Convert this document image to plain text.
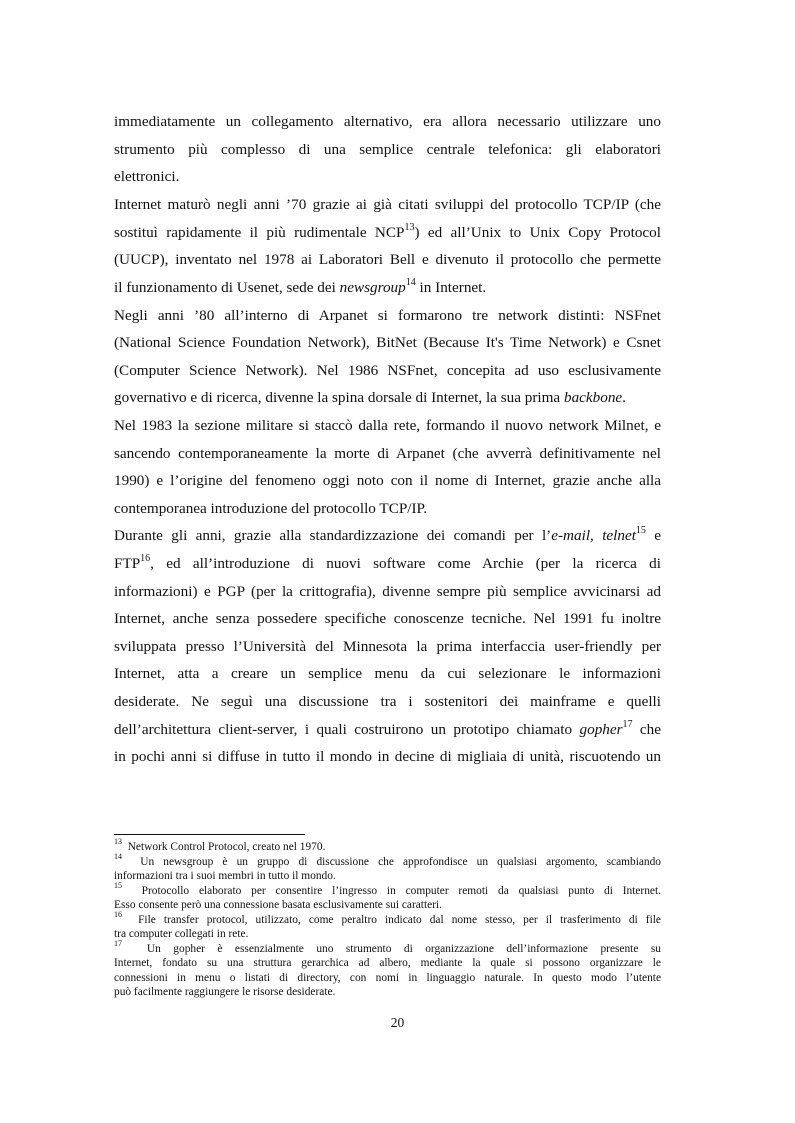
immediatamente un collegamento alternativo, era allora necessario utilizzare uno
strumento più complesso di una semplice centrale telefonica: gli elaboratori
elettronici.
Internet maturò negli anni ’70 grazie ai già citati sviluppi del protocollo TCP/IP (che
sostituì rapidamente il più rudimentale NCP$^{13}$) ed all’Unix to Unix Copy Protocol
(UUCP), inventato nel 1978 ai Laboratori Bell e divenuto il protocollo che permette
il funzionamento di Usenet, sede dei newsgroup$^{14}$ in Internet.
Negli anni ’80 all’interno di Arpanet si formarono tre network distinti: NSFnet
(National Science Foundation Network), BitNet (Because It's Time Network) e Csnet
(Computer Science Network). Nel 1986 NSFnet, concepita ad uso esclusivamente
governativo e di ricerca, divenne la spina dorsale di Internet, la sua prima backbone.
Nel 1983 la sezione militare si staccò dalla rete, formando il nuovo network Milnet, e
sancendo contemporaneamente la morte di Arpanet (che avverrà definitivamente nel
1990) e l’origine del fenomeno oggi noto con il nome di Internet, grazie anche alla
contemporanea introduzione del protocollo TCP/IP.
Durante gli anni, grazie alla standardizzazione dei comandi per l’e-mail, telnet$^{15}$ e
FTP$^{16}$, ed all’introduzione di nuovi software come Archie (per la ricerca di
informazioni) e PGP (per la crittografia), divenne sempre più semplice avvicinarsi ad
Internet, anche senza possedere specifiche conoscenze tecniche. Nel 1991 fu inoltre
sviluppata presso l’Università del Minnesota la prima interfaccia user-friendly per
Internet, atta a creare un semplice menu da cui selezionare le informazioni
desiderate. Ne seguì una discussione tra i sostenitori dei mainframe e quelli
dell’architettura client-server, i quali costruirono un prototipo chiamato gopher$^{17}$ che
in pochi anni si diffuse in tutto il mondo in decine di migliaia di unità, riscuotendo un
$^{13}$ Network Control Protocol, creato nel 1970.
$^{14}$ Un newsgroup è un gruppo di discussione che approfondisce un qualsiasi argomento, scambiando
informazioni tra i suoi membri in tutto il mondo.
$^{15}$ Protocollo elaborato per consentire l’ingresso in computer remoti da qualsiasi punto di Internet.
Esso consente però una connessione basata esclusivamente sui caratteri.
$^{16}$ File transfer protocol, utilizzato, come peraltro indicato dal nome stesso, per il trasferimento di file
tra computer collegati in rete.
$^{17}$ Un gopher è essenzialmente uno strumento di organizzazione dell’informazione presente su
Internet, fondato su una struttura gerarchica ad albero, mediante la quale si possono organizzare le
connessioni in menu o listati di directory, con nomi in linguaggio naturale. In questo modo l’utente
può facilmente raggiungere le risorse desiderate.
20
